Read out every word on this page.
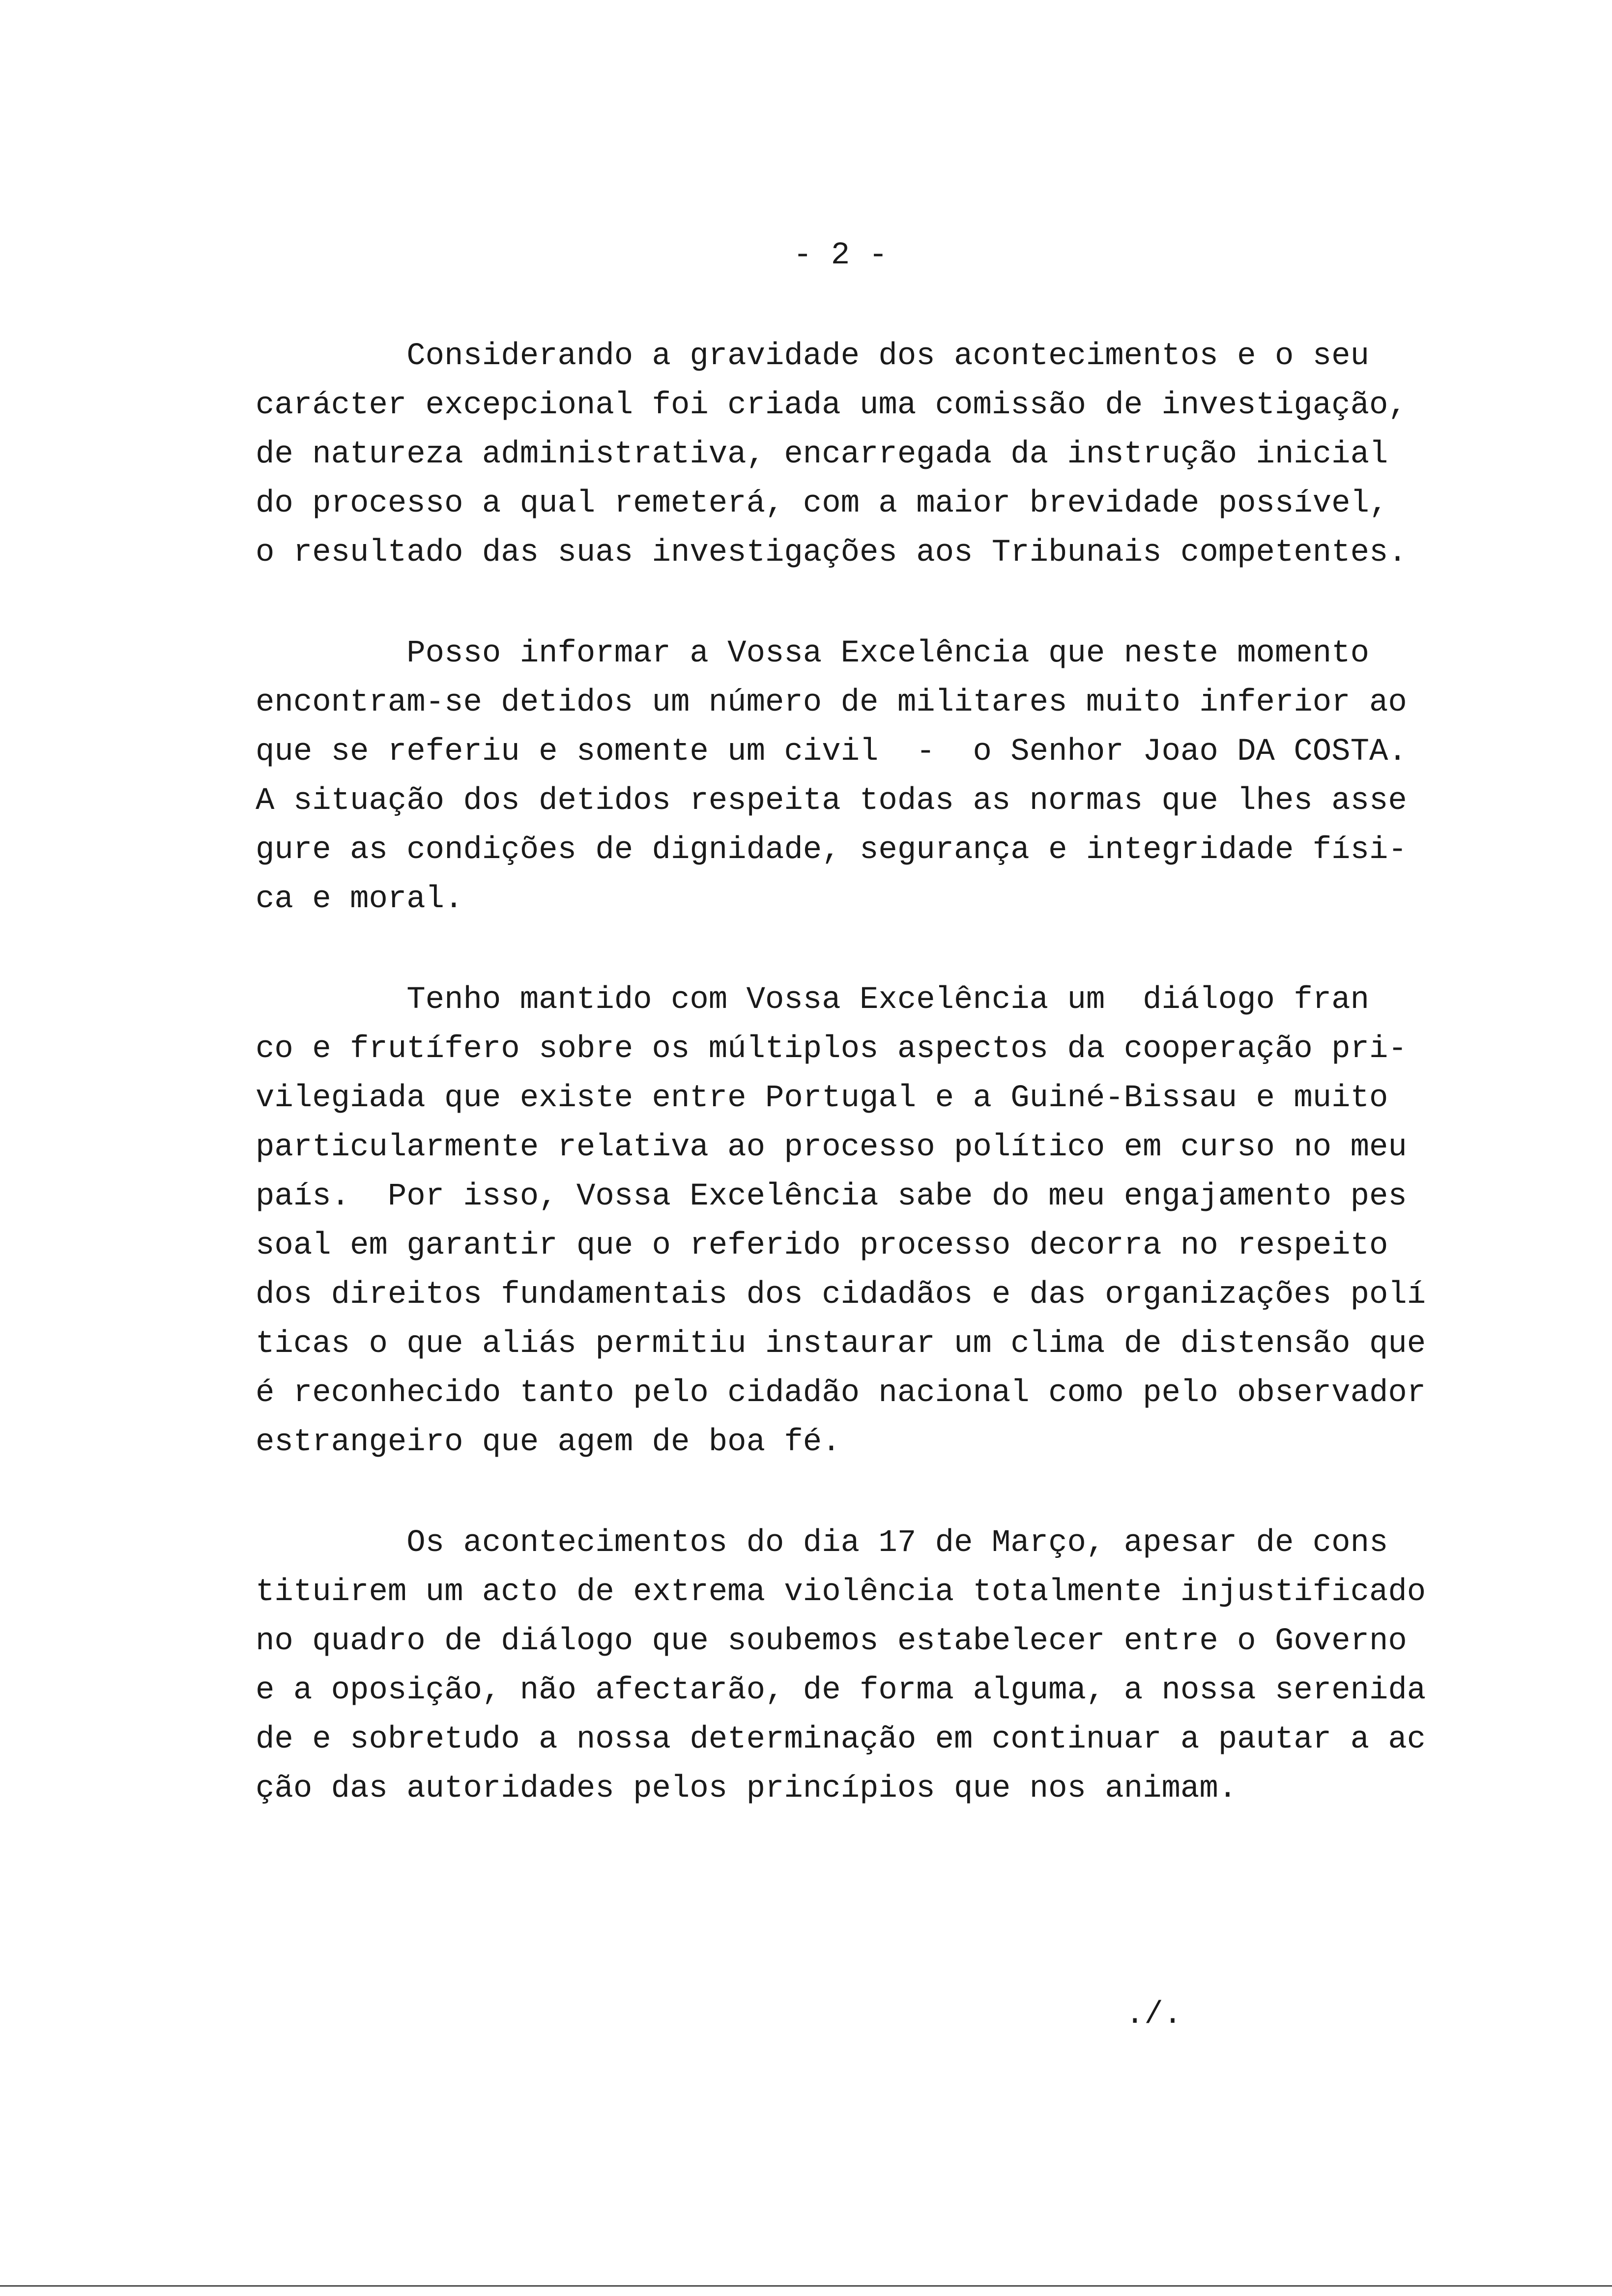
- 2 -

Considerando a gravidade dos acontecimentos e o seu
carácter excepcional foi criada uma comissão de investigação,
de natureza administrativa, encarregada da instrução inicial
do processo a qual remeterá, com a maior brevidade possível,
o resultado das suas investigações aos Tribunais competentes.

Posso informar a Vossa Excelência que neste momento
encontram-se detidos um número de militares muito inferior ao
que se referiu e somente um civil  -  o Senhor Joao DA COSTA.
A situação dos detidos respeita todas as normas que lhes asse
gure as condições de dignidade, segurança e integridade físi-
ca e moral.

Tenho mantido com Vossa Excelência um  diálogo fran
co e frutífero sobre os múltiplos aspectos da cooperação pri-
vilegiada que existe entre Portugal e a Guiné-Bissau e muito
particularmente relativa ao processo político em curso no meu
país.  Por isso, Vossa Excelência sabe do meu engajamento pes
soal em garantir que o referido processo decorra no respeito
dos direitos fundamentais dos cidadãos e das organizações polí
ticas o que aliás permitiu instaurar um clima de distensão que
é reconhecido tanto pelo cidadão nacional como pelo observador
estrangeiro que agem de boa fé.

Os acontecimentos do dia 17 de Março, apesar de cons
tituirem um acto de extrema violência totalmente injustificado
no quadro de diálogo que soubemos estabelecer entre o Governo
e a oposição, não afectarão, de forma alguma, a nossa serenida
de e sobretudo a nossa determinação em continuar a pautar a ac
ção das autoridades pelos princípios que nos animam.

./.
